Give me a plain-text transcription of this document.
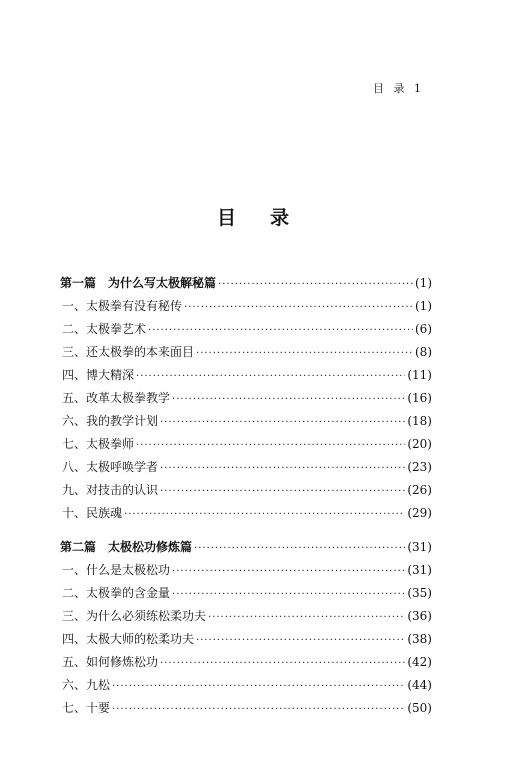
目 录 1
目录
第一篇　为什么写太极解秘篇 ·····	(1)
一、太极拳有没有秘传 ·····	(1)
二、太极拳艺术 ·····	(6)
三、还太极拳的本来面目 ·····	(8)
四、博大精深 ·····	(11)
五、改革太极拳教学 ·····	(16)
六、我的教学计划 ·····	(18)
七、太极拳师 ·····	(20)
八、太极呼唤学者 ·····	(23)
九、对技击的认识 ·····	(26)
十、民族魂 ·····	(29)
第二篇　太极松功修炼篇 ·····	(31)
一、什么是太极松功 ·····	(31)
二、太极拳的含金量 ·····	(35)
三、为什么必须练松柔功夫 ·····	(36)
四、太极大师的松柔功夫 ·····	(38)
五、如何修炼松功 ·····	(42)
六、九松 ·····	(44)
七、十要 ·····	(50)
